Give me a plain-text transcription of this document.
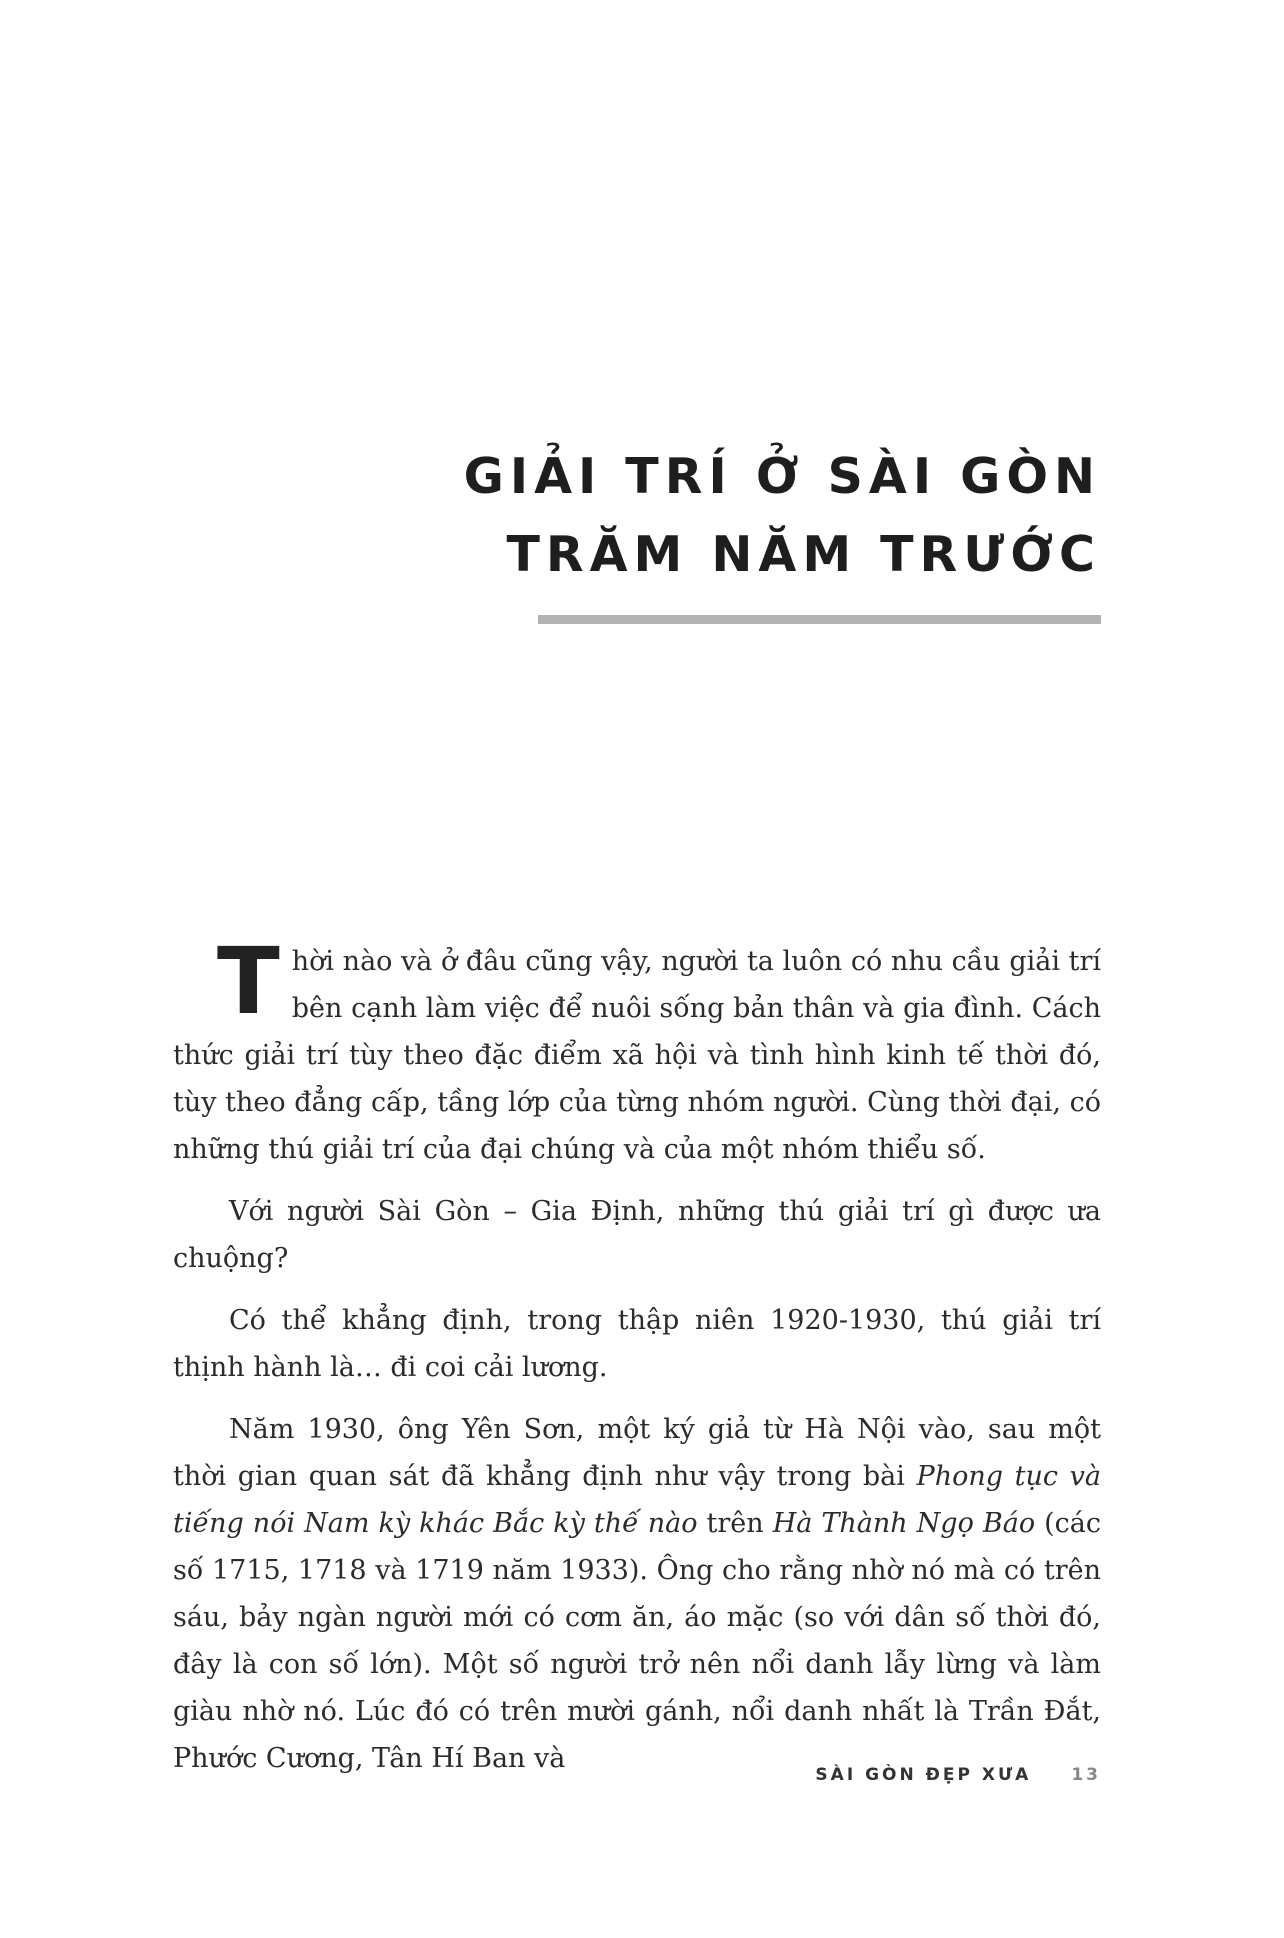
GIẢI TRÍ Ở SÀI GÒN
TRĂM NĂM TRƯỚC

Thời nào và ở đâu cũng vậy, người ta luôn có nhu cầu giải trí bên cạnh làm việc để nuôi sống bản thân và gia đình. Cách thức giải trí tùy theo đặc điểm xã hội và tình hình kinh tế thời đó, tùy theo đẳng cấp, tầng lớp của từng nhóm người. Cùng thời đại, có những thú giải trí của đại chúng và của một nhóm thiểu số.

Với người Sài Gòn – Gia Định, những thú giải trí gì được ưa chuộng?

Có thể khẳng định, trong thập niên 1920-1930, thú giải trí thịnh hành là… đi coi cải lương.

Năm 1930, ông Yên Sơn, một ký giả từ Hà Nội vào, sau một thời gian quan sát đã khẳng định như vậy trong bài Phong tục và tiếng nói Nam kỳ khác Bắc kỳ thế nào trên Hà Thành Ngọ Báo (các số 1715, 1718 và 1719 năm 1933). Ông cho rằng nhờ nó mà có trên sáu, bảy ngàn người mới có cơm ăn, áo mặc (so với dân số thời đó, đây là con số lớn). Một số người trở nên nổi danh lẫy lừng và làm giàu nhờ nó. Lúc đó có trên mười gánh, nổi danh nhất là Trần Đắt, Phước Cương, Tân Hí Ban và

SÀI GÒN ĐẸP XƯA 13
